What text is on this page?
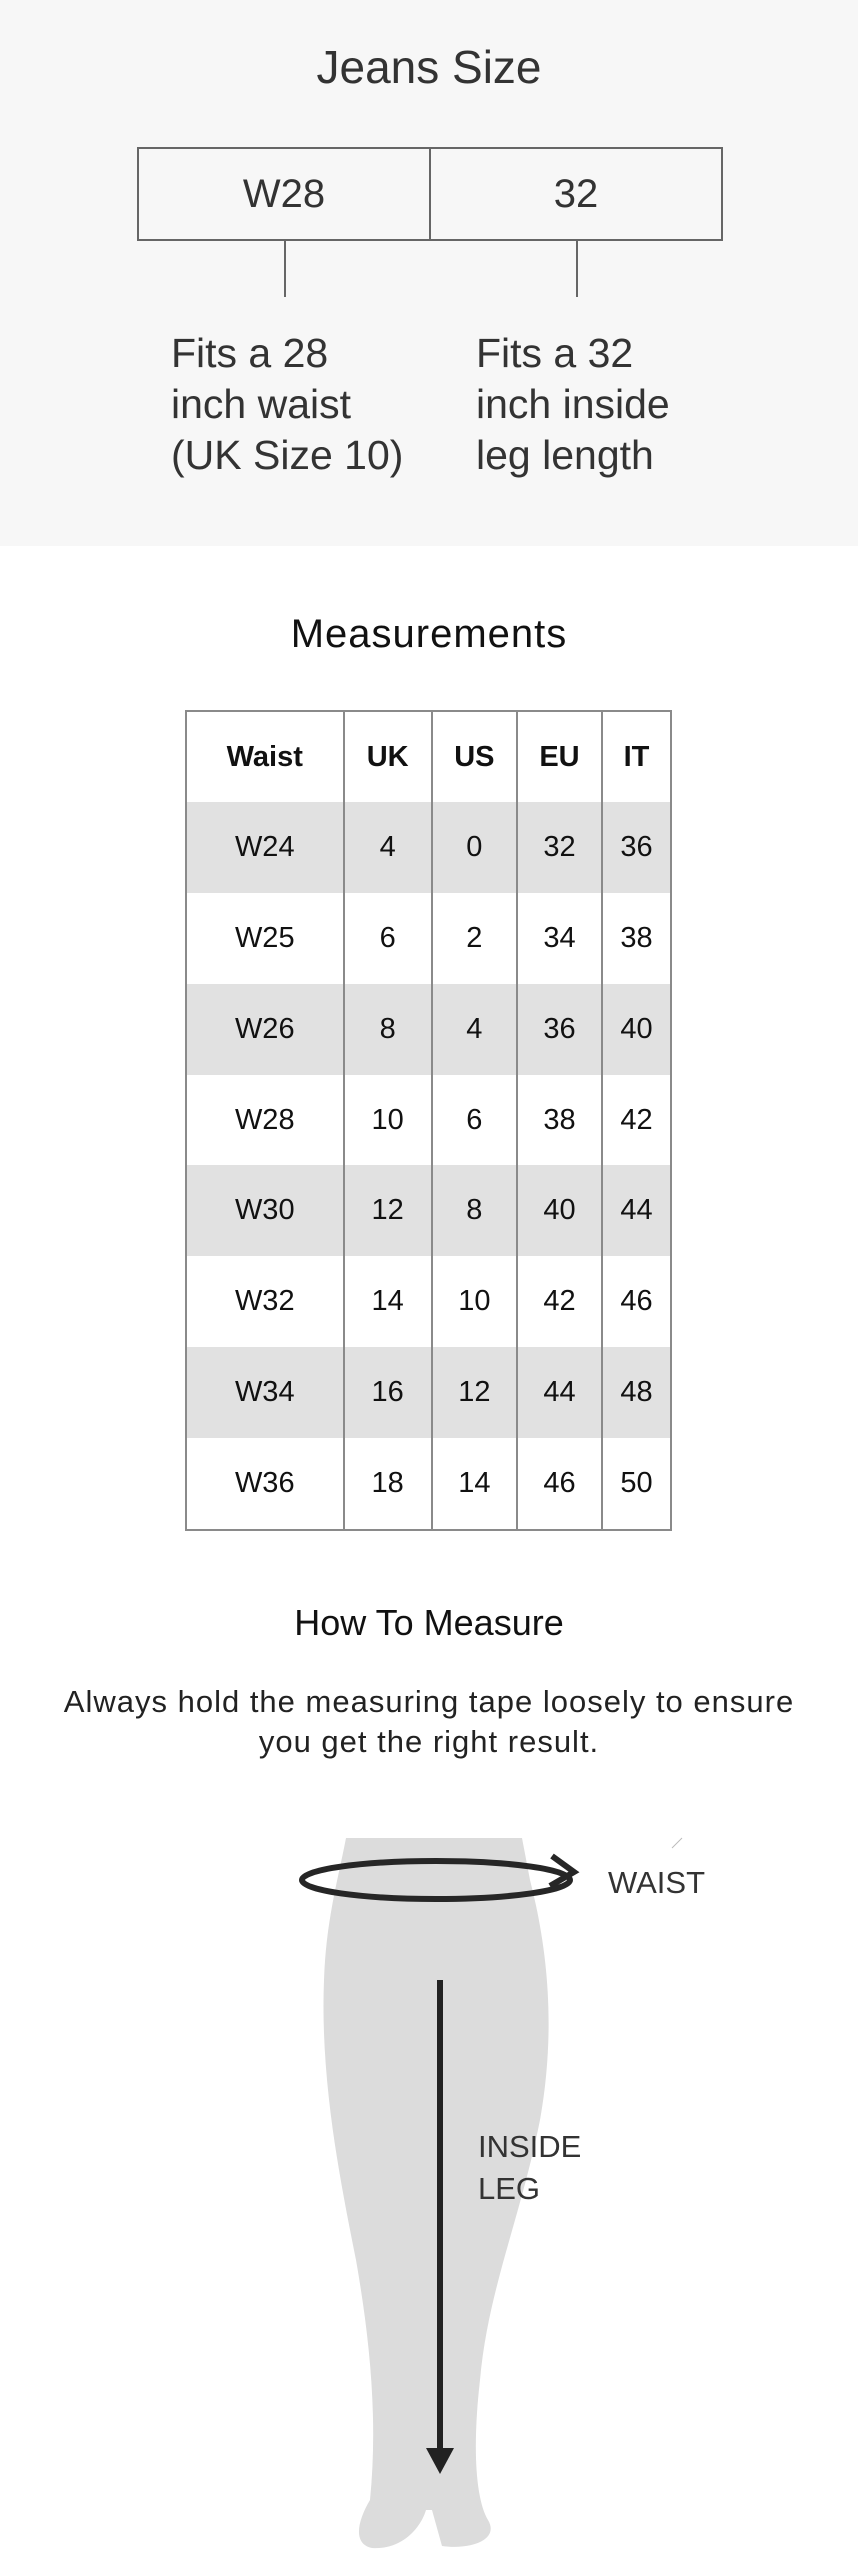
Jeans Size
W28	32
Fits a 28
inch waist
(UK Size 10)
Fits a 32
inch inside
leg length
Measurements
Waist	UK	US	EU	IT
W24	4	0	32	36
W25	6	2	34	38
W26	8	4	36	40
W28	10	6	38	42
W30	12	8	40	44
W32	14	10	42	46
W34	16	12	44	48
W36	18	14	46	50
How To Measure
Always hold the measuring tape loosely to ensure
you get the right result.
WAIST
INSIDE
LEG
